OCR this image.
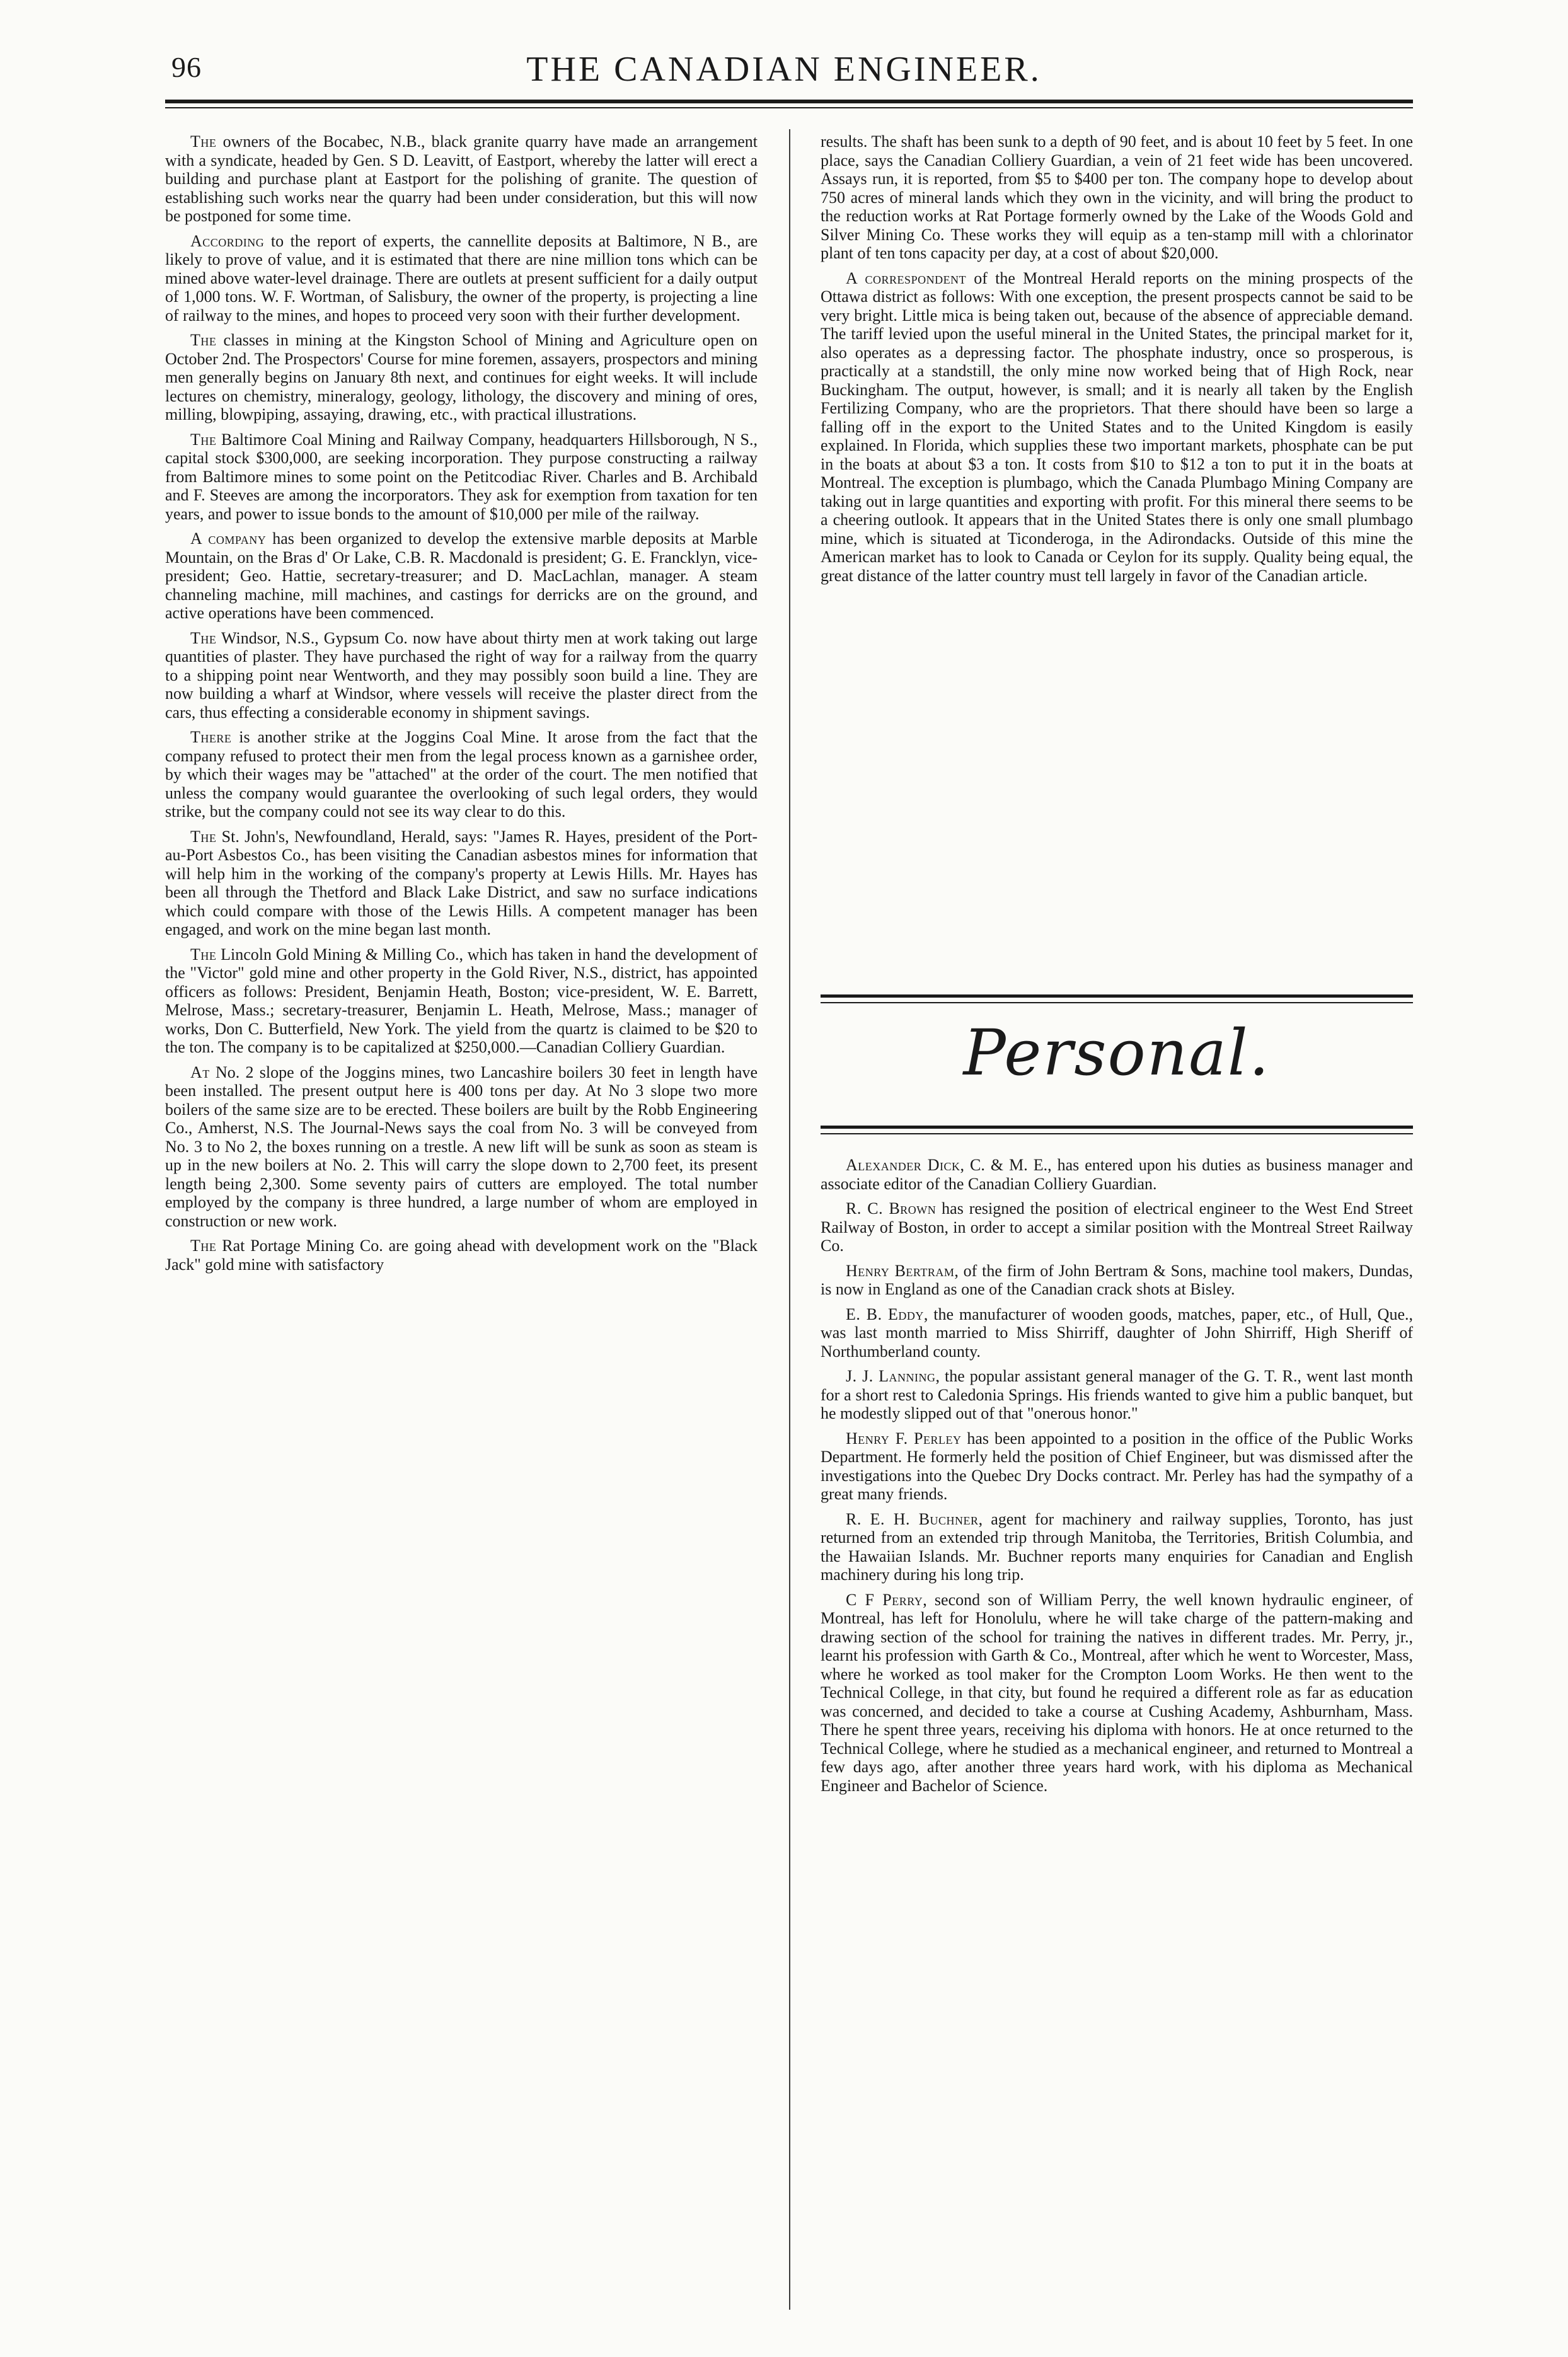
96	THE CANADIAN ENGINEER.

The owners of the Bocabec, N.B., black granite quarry have made an arrangement with a syndicate, headed by Gen. S D. Leavitt, of Eastport, whereby the latter will erect a building and purchase plant at Eastport for the polishing of granite. The question of establishing such works near the quarry had been under consideration, but this will now be postponed for some time.

According to the report of experts, the cannellite deposits at Baltimore, N B., are likely to prove of value, and it is estimated that there are nine million tons which can be mined above water-level drainage. There are outlets at present sufficient for a daily output of 1,000 tons. W. F. Wortman, of Salisbury, the owner of the property, is projecting a line of railway to the mines, and hopes to proceed very soon with their further development.

The classes in mining at the Kingston School of Mining and Agriculture open on October 2nd. The Prospectors' Course for mine foremen, assayers, prospectors and mining men generally begins on January 8th next, and continues for eight weeks. It will include lectures on chemistry, mineralogy, geology, lithology, the discovery and mining of ores, milling, blowpiping, assaying, drawing, etc., with practical illustrations.

The Baltimore Coal Mining and Railway Company, headquarters Hillsborough, N S., capital stock $300,000, are seeking incorporation. They purpose constructing a railway from Baltimore mines to some point on the Petitcodiac River. Charles and B. Archibald and F. Steeves are among the incorporators. They ask for exemption from taxation for ten years, and power to issue bonds to the amount of $10,000 per mile of the railway.

A company has been organized to develop the extensive marble deposits at Marble Mountain, on the Bras d' Or Lake, C.B. R. Macdonald is president; G. E. Francklyn, vice-president; Geo. Hattie, secretary-treasurer; and D. MacLachlan, manager. A steam channeling machine, mill machines, and castings for derricks are on the ground, and active operations have been commenced.

The Windsor, N.S., Gypsum Co. now have about thirty men at work taking out large quantities of plaster. They have purchased the right of way for a railway from the quarry to a shipping point near Wentworth, and they may possibly soon build a line. They are now building a wharf at Windsor, where vessels will receive the plaster direct from the cars, thus effecting a considerable economy in shipment savings.

There is another strike at the Joggins Coal Mine. It arose from the fact that the company refused to protect their men from the legal process known as a garnishee order, by which their wages may be "attached" at the order of the court. The men notified that unless the company would guarantee the overlooking of such legal orders, they would strike, but the company could not see its way clear to do this.

The St. John's, Newfoundland, Herald, says: "James R. Hayes, president of the Port-au-Port Asbestos Co., has been visiting the Canadian asbestos mines for information that will help him in the working of the company's property at Lewis Hills. Mr. Hayes has been all through the Thetford and Black Lake District, and saw no surface indications which could compare with those of the Lewis Hills. A competent manager has been engaged, and work on the mine began last month.

The Lincoln Gold Mining & Milling Co., which has taken in hand the development of the "Victor" gold mine and other property in the Gold River, N.S., district, has appointed officers as follows: President, Benjamin Heath, Boston; vice-president, W. E. Barrett, Melrose, Mass.; secretary-treasurer, Benjamin L. Heath, Melrose, Mass.; manager of works, Don C. Butterfield, New York. The yield from the quartz is claimed to be $20 to the ton. The company is to be capitalized at $250,000.—Canadian Colliery Guardian.

At No. 2 slope of the Joggins mines, two Lancashire boilers 30 feet in length have been installed. The present output here is 400 tons per day. At No 3 slope two more boilers of the same size are to be erected. These boilers are built by the Robb Engineering Co., Amherst, N.S. The Journal-News says the coal from No. 3 will be conveyed from No. 3 to No 2, the boxes running on a trestle. A new lift will be sunk as soon as steam is up in the new boilers at No. 2. This will carry the slope down to 2,700 feet, its present length being 2,300. Some seventy pairs of cutters are employed. The total number employed by the company is three hundred, a large number of whom are employed in construction or new work.

The Rat Portage Mining Co. are going ahead with development work on the "Black Jack" gold mine with satisfactory

results. The shaft has been sunk to a depth of 90 feet, and is about 10 feet by 5 feet. In one place, says the Canadian Colliery Guardian, a vein of 21 feet wide has been uncovered. Assays run, it is reported, from $5 to $400 per ton. The company hope to develop about 750 acres of mineral lands which they own in the vicinity, and will bring the product to the reduction works at Rat Portage formerly owned by the Lake of the Woods Gold and Silver Mining Co. These works they will equip as a ten-stamp mill with a chlorinator plant of ten tons capacity per day, at a cost of about $20,000.

A correspondent of the Montreal Herald reports on the mining prospects of the Ottawa district as follows: With one exception, the present prospects cannot be said to be very bright. Little mica is being taken out, because of the absence of appreciable demand. The tariff levied upon the useful mineral in the United States, the principal market for it, also operates as a depressing factor. The phosphate industry, once so prosperous, is practically at a standstill, the only mine now worked being that of High Rock, near Buckingham. The output, however, is small; and it is nearly all taken by the English Fertilizing Company, who are the proprietors. That there should have been so large a falling off in the export to the United States and to the United Kingdom is easily explained. In Florida, which supplies these two important markets, phosphate can be put in the boats at about $3 a ton. It costs from $10 to $12 a ton to put it in the boats at Montreal. The exception is plumbago, which the Canada Plumbago Mining Company are taking out in large quantities and exporting with profit. For this mineral there seems to be a cheering outlook. It appears that in the United States there is only one small plumbago mine, which is situated at Ticonderoga, in the Adirondacks. Outside of this mine the American market has to look to Canada or Ceylon for its supply. Quality being equal, the great distance of the latter country must tell largely in favor of the Canadian article.

Personal.

Alexander Dick, C. & M. E., has entered upon his duties as business manager and associate editor of the Canadian Colliery Guardian.

R. C. Brown has resigned the position of electrical engineer to the West End Street Railway of Boston, in order to accept a similar position with the Montreal Street Railway Co.

Henry Bertram, of the firm of John Bertram & Sons, machine tool makers, Dundas, is now in England as one of the Canadian crack shots at Bisley.

E. B. Eddy, the manufacturer of wooden goods, matches, paper, etc., of Hull, Que., was last month married to Miss Shirriff, daughter of John Shirriff, High Sheriff of Northumberland county.

J. J. Lanning, the popular assistant general manager of the G. T. R., went last month for a short rest to Caledonia Springs. His friends wanted to give him a public banquet, but he modestly slipped out of that "onerous honor."

Henry F. Perley has been appointed to a position in the office of the Public Works Department. He formerly held the position of Chief Engineer, but was dismissed after the investigations into the Quebec Dry Docks contract. Mr. Perley has had the sympathy of a great many friends.

R. E. H. Buchner, agent for machinery and railway supplies, Toronto, has just returned from an extended trip through Manitoba, the Territories, British Columbia, and the Hawaiian Islands. Mr. Buchner reports many enquiries for Canadian and English machinery during his long trip.

C F Perry, second son of William Perry, the well known hydraulic engineer, of Montreal, has left for Honolulu, where he will take charge of the pattern-making and drawing section of the school for training the natives in different trades. Mr. Perry, jr., learnt his profession with Garth & Co., Montreal, after which he went to Worcester, Mass, where he worked as tool maker for the Crompton Loom Works. He then went to the Technical College, in that city, but found he required a different role as far as education was concerned, and decided to take a course at Cushing Academy, Ashburnham, Mass. There he spent three years, receiving his diploma with honors. He at once returned to the Technical College, where he studied as a mechanical engineer, and returned to Montreal a few days ago, after another three years hard work, with his diploma as Mechanical Engineer and Bachelor of Science.
